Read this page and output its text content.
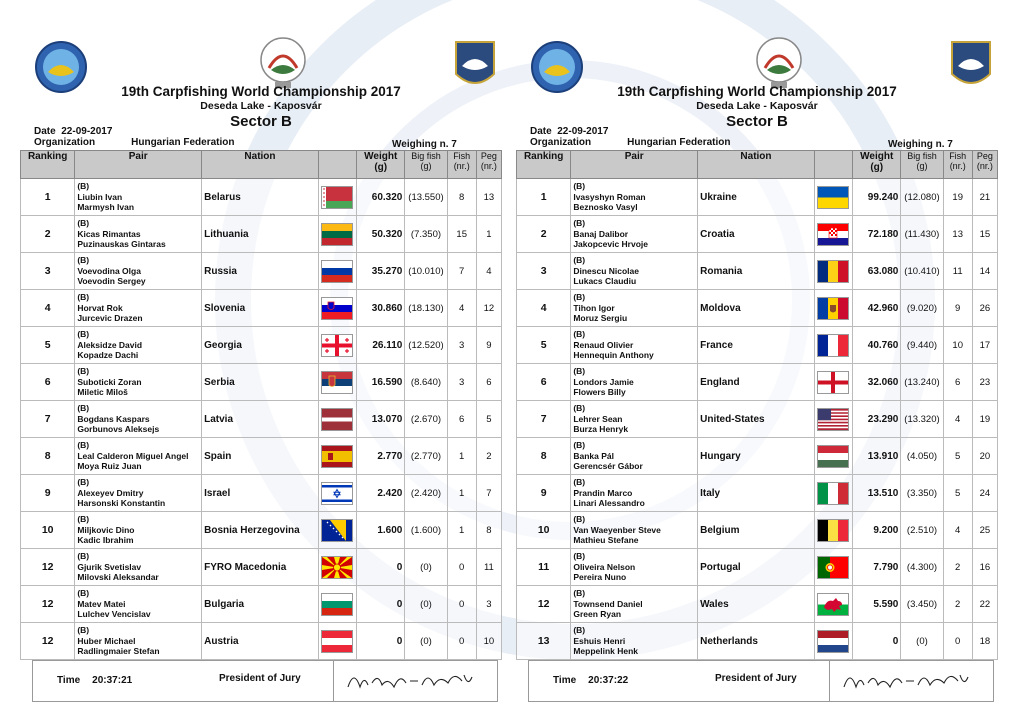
19th Carpfishing World Championship 2017
Deseda Lake - Kaposvár
Sector B
Date 22-09-2017
Organization	Hungarian Federation	Weighing n. 7
Ranking	Pair	Nation		Weight (g)	Big fish (g)	Fish (nr.)	Peg (nr.)
1	(B)
Liubin Ivan
Marmysh Ivan	Belarus		60.320	(13.550)	8	13
2	(B)
Kicas Rimantas
Puzinauskas Gintaras	Lithuania		50.320	(7.350)	15	1
3	(B)
Voevodina Olga
Voevodin Sergey	Russia		35.270	(10.010)	7	4
4	(B)
Horvat Rok
Jurcevic Drazen	Slovenia		30.860	(18.130)	4	12
5	(B)
Aleksidze David
Kopadze Dachi	Georgia		26.110	(12.520)	3	9
6	(B)
Suboticki Zoran
Miletic Miloš	Serbia		16.590	(8.640)	3	6
7	(B)
Bogdans Kaspars
Gorbunovs Aleksejs	Latvia		13.070	(2.670)	6	5
8	(B)
Leal Calderon Miguel Angel
Moya Ruiz Juan	Spain		2.770	(2.770)	1	2
9	(B)
Alexeyev Dmitry
Harsonski Konstantin	Israel		2.420	(2.420)	1	7
10	(B)
Miljkovic Dino
Kadic Ibrahim	Bosnia Herzegovina		1.600	(1.600)	1	8
12	(B)
Gjurik Svetislav
Milovski Aleksandar	FYRO Macedonia		0	(0)	0	11
12	(B)
Matev Matei
Lulchev Vencislav	Bulgaria		0	(0)	0	3
12	(B)
Huber Michael
Radlingmaier Stefan	Austria		0	(0)	0	10
Time 20:37:21	President of Jury
19th Carpfishing World Championship 2017
Deseda Lake - Kaposvár
Sector B
Date 22-09-2017
Organization	Hungarian Federation	Weighing n. 7
Ranking	Pair	Nation		Weight (g)	Big fish (g)	Fish (nr.)	Peg (nr.)
1	(B)
Ivasyshyn Roman
Beznosko Vasyl	Ukraine		99.240	(12.080)	19	21
2	(B)
Banaj Dalibor
Jakopcevic Hrvoje	Croatia		72.180	(11.430)	13	15
3	(B)
Dinescu Nicolae
Lukacs Claudiu	Romania		63.080	(10.410)	11	14
4	(B)
Tihon Igor
Moruz Sergiu	Moldova		42.960	(9.020)	9	26
5	(B)
Renaud Olivier
Hennequin Anthony	France		40.760	(9.440)	10	17
6	(B)
Londors Jamie
Flowers Billy	England		32.060	(13.240)	6	23
7	(B)
Lehrer Sean
Burza Henryk	United-States		23.290	(13.320)	4	19
8	(B)
Banka Pál
Gerencsér Gábor	Hungary		13.910	(4.050)	5	20
9	(B)
Prandin Marco
Linari Alessandro	Italy		13.510	(3.350)	5	24
10	(B)
Van Waeyenber Steve
Mathieu Stefane	Belgium		9.200	(2.510)	4	25
11	(B)
Oliveira Nelson
Pereira Nuno	Portugal		7.790	(4.300)	2	16
12	(B)
Townsend Daniel
Green Ryan	Wales		5.590	(3.450)	2	22
13	(B)
Eshuis Henri
Meppelink Henk	Netherlands		0	(0)	0	18
Time 20:37:22	President of Jury
